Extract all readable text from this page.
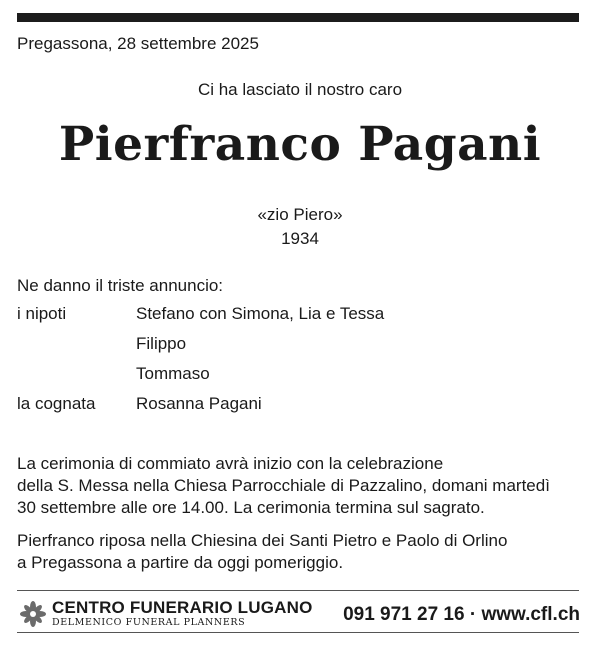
Pregassona, 28 settembre 2025
Ci ha lasciato il nostro caro
Pierfranco Pagani
«zio Piero»
1934
Ne danno il triste annuncio:
i nipoti	Stefano con Simona, Lia e Tessa
Filippo
Tommaso
la cognata Rosanna Pagani
La cerimonia di commiato avrà inizio con la celebrazione
della S. Messa nella Chiesa Parrocchiale di Pazzalino, domani martedì
30 settembre alle ore 14.00. La cerimonia termina sul sagrato.
Pierfranco riposa nella Chiesina dei Santi Pietro e Paolo di Orlino
a Pregassona a partire da oggi pomeriggio.
CENTRO FUNERARIO LUGANO
DELMENICO FUNERAL PLANNERS	091 971 27 16 · www.cfl.ch
